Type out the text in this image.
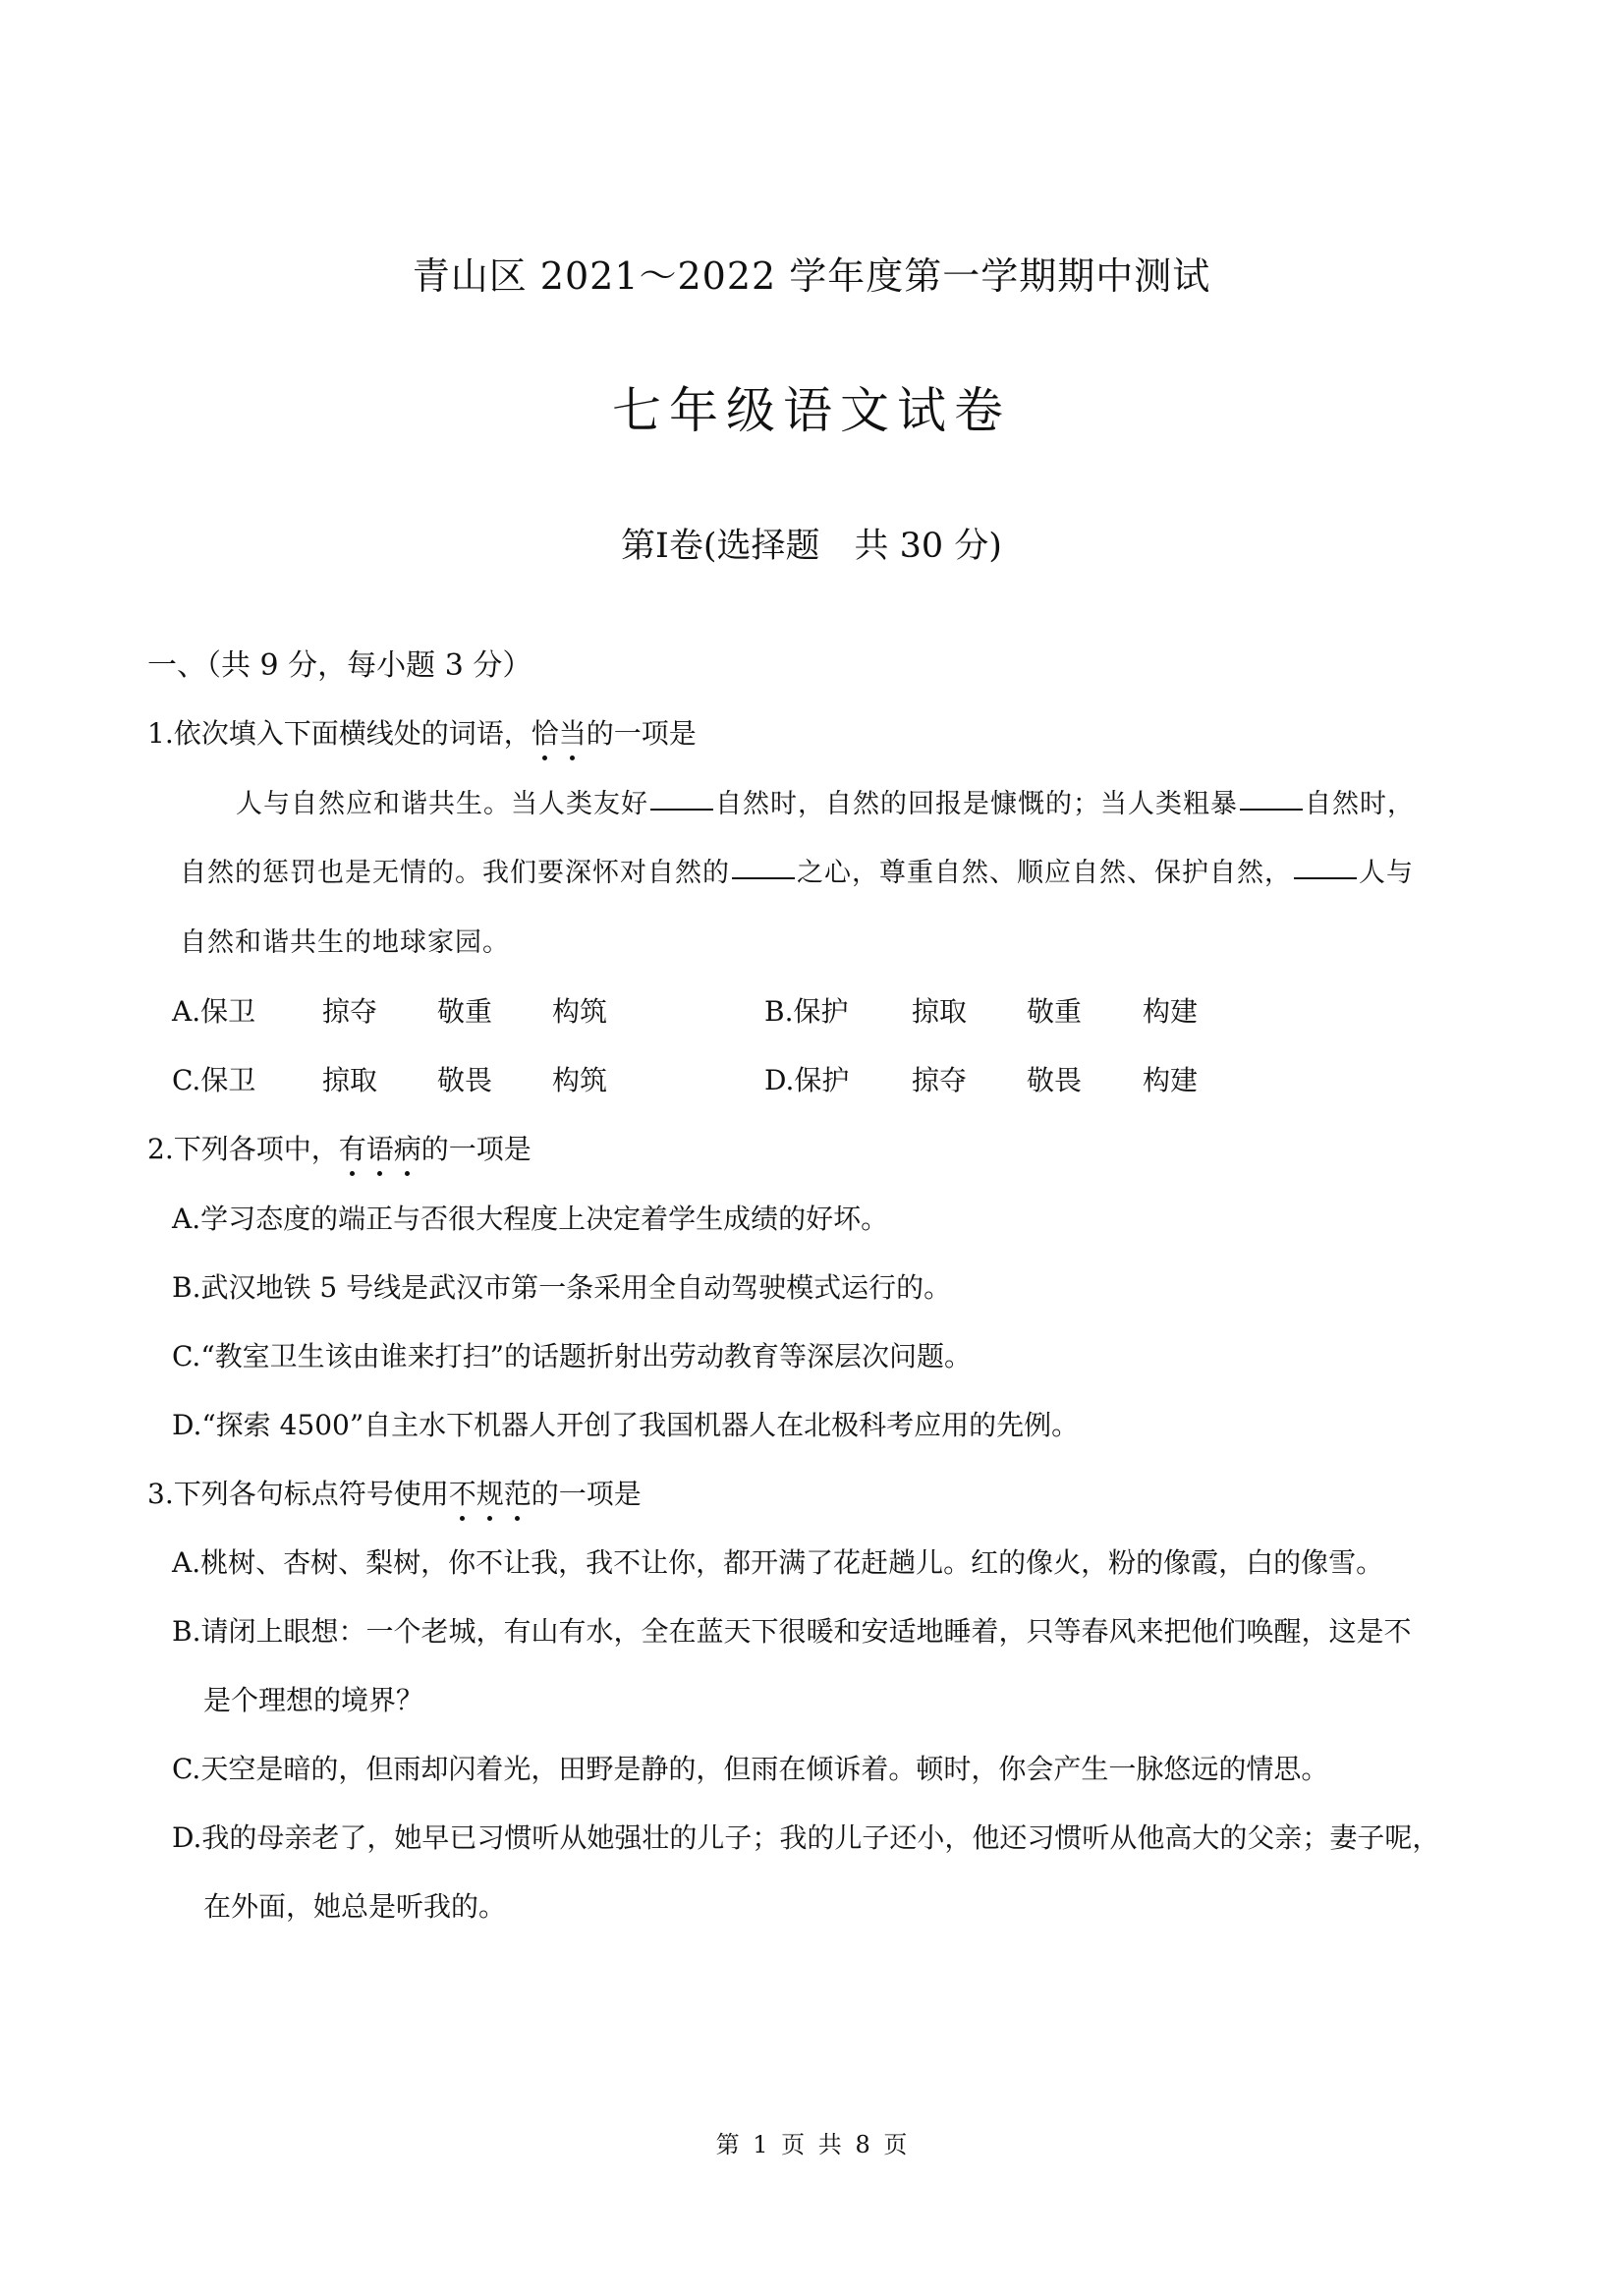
青山区 2021～2022 学年度第一学期期中测试
七年级语文试卷
第Ⅰ卷(选择题　共 30 分)
一、（共 9 分，每小题 3 分）
1.依次填入下面横线处的词语，恰当的一项是
人与自然应和谐共生。当人类友好	自然时，自然的回报是慷慨的；当人类粗暴	自然时，
自然的惩罚也是无情的。我们要深怀对自然的	之心，尊重自然、顺应自然、保护自然，	人与
自然和谐共生的地球家园。
A.保卫 掠夺 敬重 构筑	B.保护 掠取 敬重 构建
C.保卫 掠取 敬畏 构筑	D.保护 掠夺 敬畏 构建
2.下列各项中，有语病的一项是
A.学习态度的端正与否很大程度上决定着学生成绩的好坏。
B.武汉地铁 5 号线是武汉市第一条采用全自动驾驶模式运行的。
C.“教室卫生该由谁来打扫”的话题折射出劳动教育等深层次问题。
D.“探索 4500”自主水下机器人开创了我国机器人在北极科考应用的先例。
3.下列各句标点符号使用不规范的一项是
A.桃树、杏树、梨树，你不让我，我不让你，都开满了花赶趟儿。红的像火，粉的像霞，白的像雪。
B.请闭上眼想：一个老城，有山有水，全在蓝天下很暖和安适地睡着，只等春风来把他们唤醒，这是不
是个理想的境界？
C.天空是暗的，但雨却闪着光，田野是静的，但雨在倾诉着。顿时，你会产生一脉悠远的情思。
D.我的母亲老了，她早已习惯听从她强壮的儿子；我的儿子还小，他还习惯听从他高大的父亲；妻子呢，
在外面，她总是听我的。
第 1 页 共 8 页
